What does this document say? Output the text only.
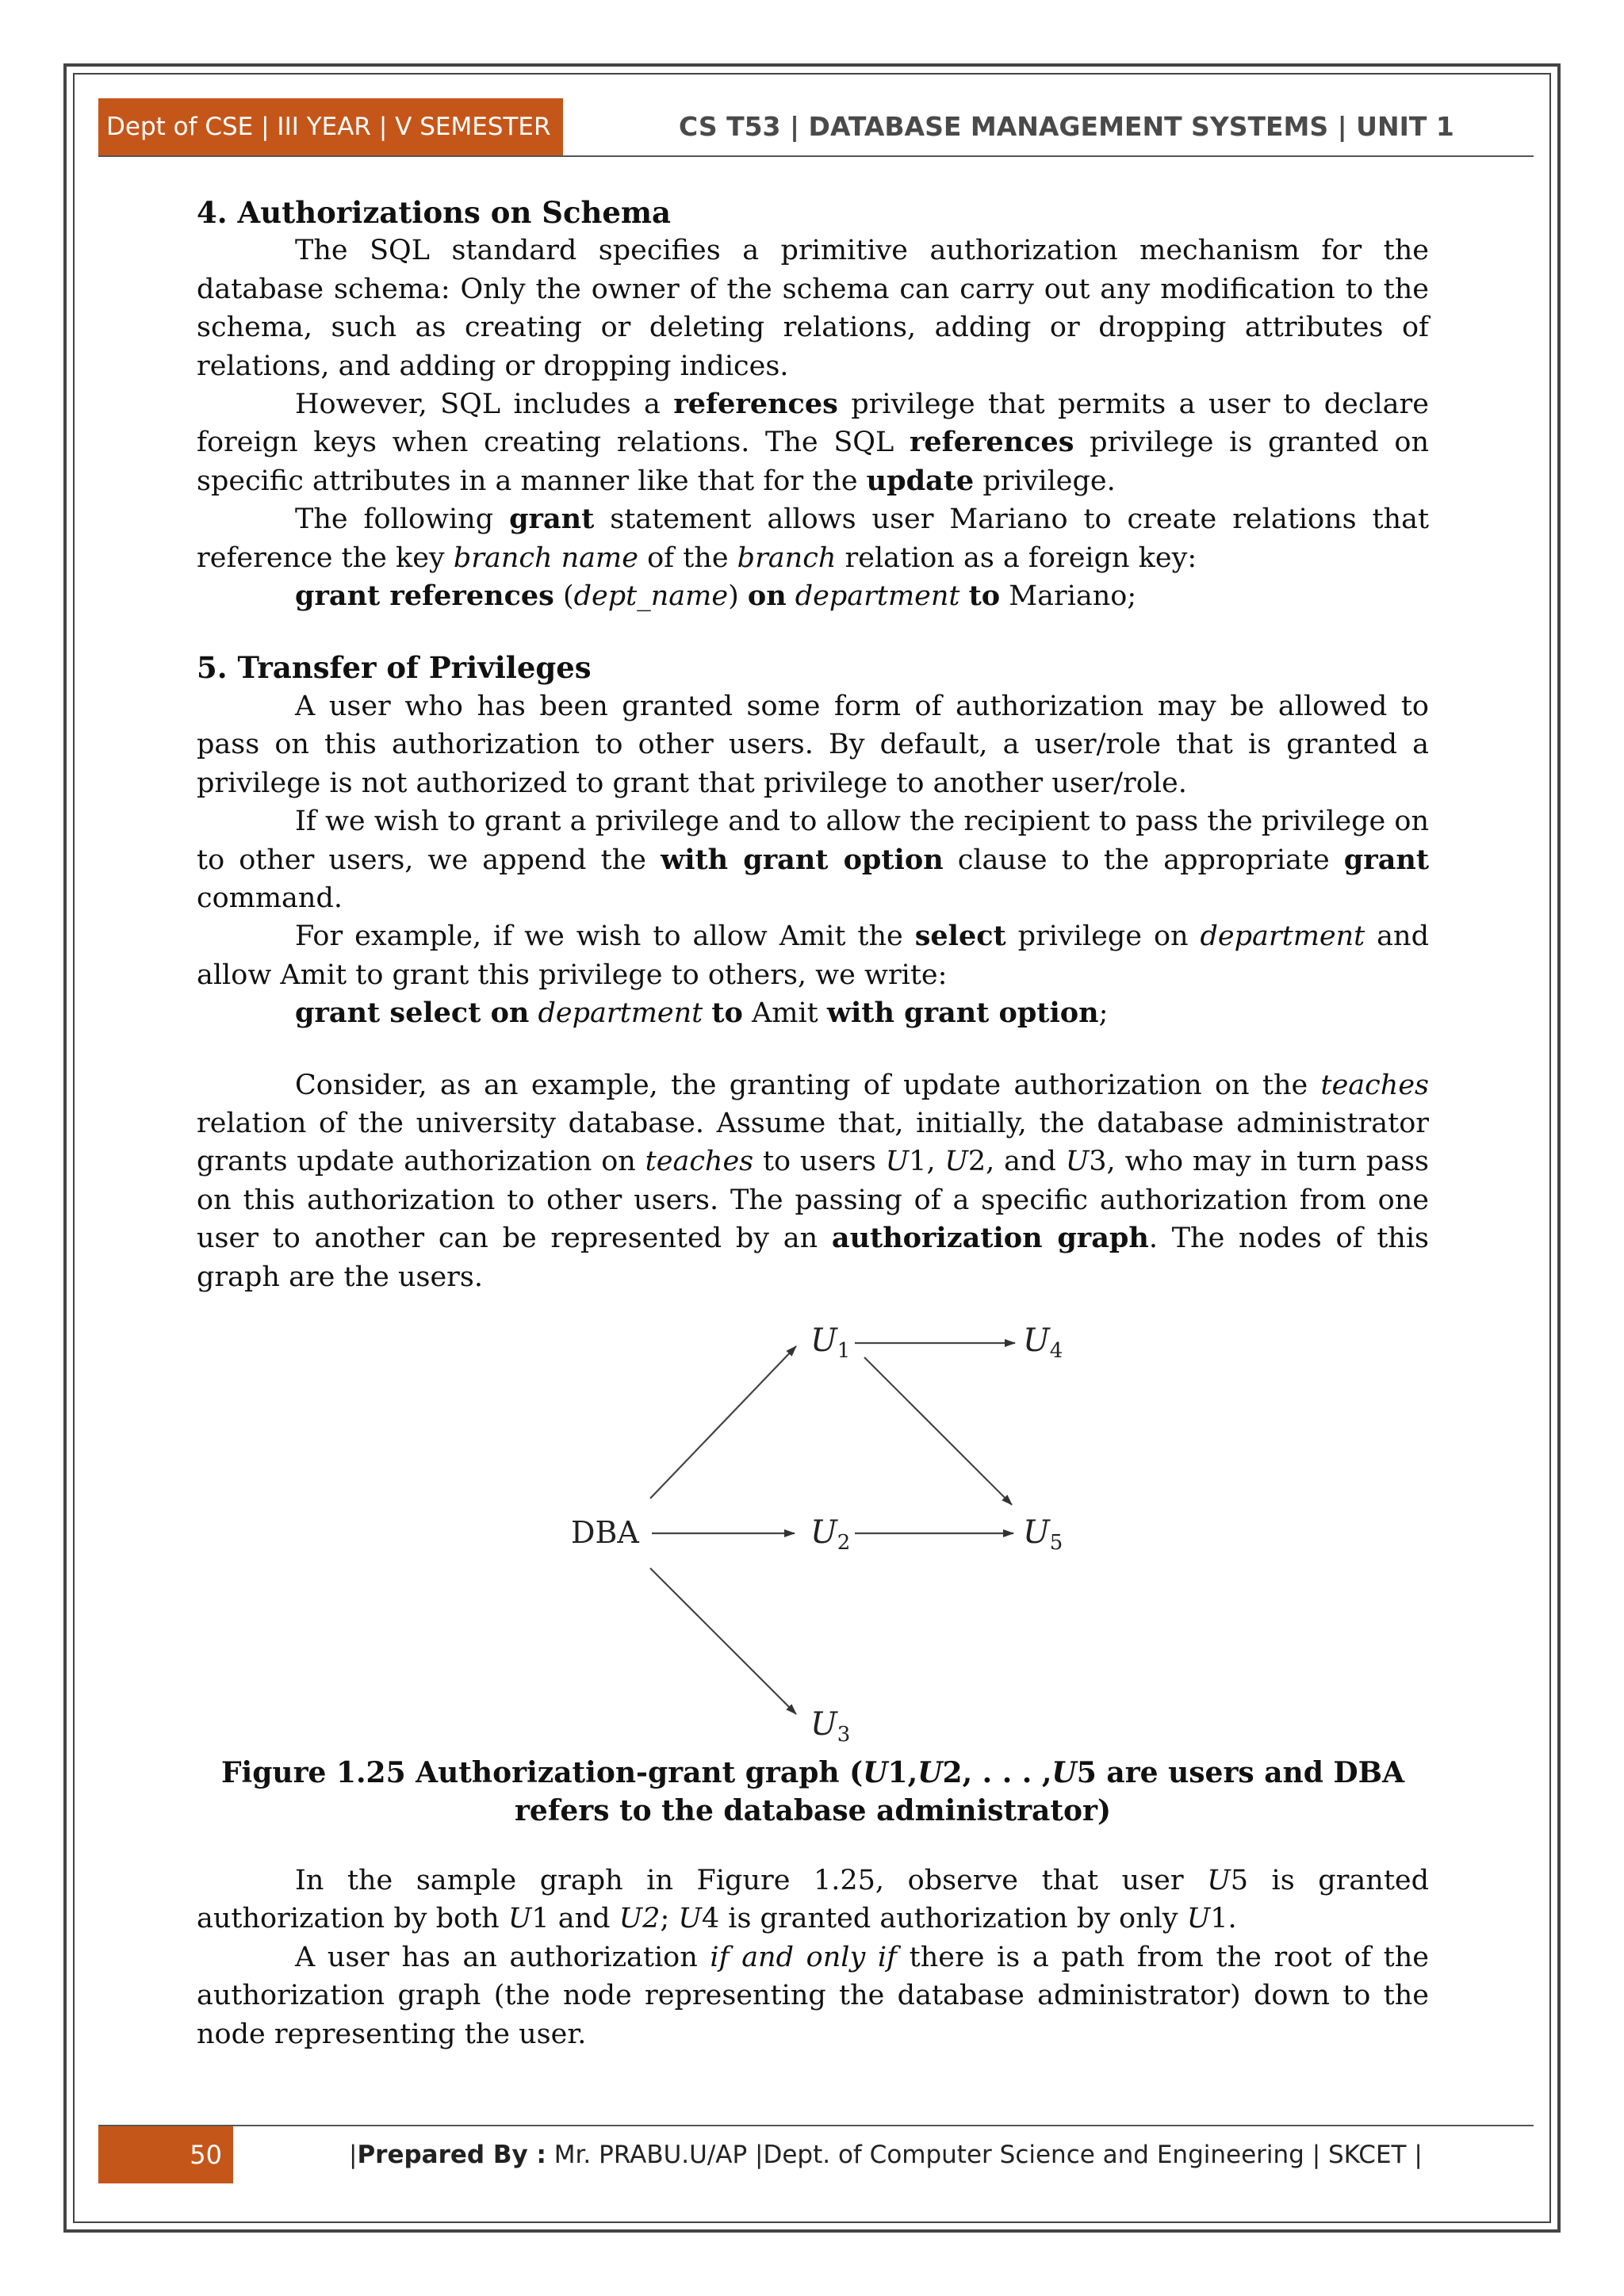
Dept of CSE | III YEAR | V SEMESTER	CS T53 | DATABASE MANAGEMENT SYSTEMS | UNIT 1
4. Authorizations on Schema

The SQL standard specifies a primitive authorization mechanism for the database schema: Only the owner of the schema can carry out any modification to the schema, such as creating or deleting relations, adding or dropping attributes of relations, and adding or dropping indices.

However, SQL includes a references privilege that permits a user to declare foreign keys when creating relations. The SQL references privilege is granted on specific attributes in a manner like that for the update privilege.

The following grant statement allows user Mariano to create relations that reference the key branch name of the branch relation as a foreign key:

grant references (dept_name) on department to Mariano;

5. Transfer of Privileges

A user who has been granted some form of authorization may be allowed to pass on this authorization to other users. By default, a user/role that is granted a privilege is not authorized to grant that privilege to another user/role.

If we wish to grant a privilege and to allow the recipient to pass the privilege on to other users, we append the with grant option clause to the appropriate grant command.

For example, if we wish to allow Amit the select privilege on department and allow Amit to grant this privilege to others, we write:

grant select on department to Amit with grant option;

Consider, as an example, the granting of update authorization on the teaches relation of the university database. Assume that, initially, the database administrator grants update authorization on teaches to users U1, U2, and U3, who may in turn pass on this authorization to other users. The passing of a specific authorization from one user to another can be represented by an authorization graph. The nodes of this graph are the users.

DBA
$U_1$	$U_4$
$U_2$	$U_5$
$U_3$
Figure 1.25 Authorization-grant graph (U1,U2, . . . ,U5 are users and DBA refers to the database administrator)

In the sample graph in Figure 1.25, observe that user U5 is granted authorization by both U1 and U2; U4 is granted authorization by only U1.

A user has an authorization if and only if there is a path from the root of the authorization graph (the node representing the database administrator) down to the node representing the user.

50	|Prepared By : Mr. PRABU.U/AP |Dept. of Computer Science and Engineering | SKCET |
